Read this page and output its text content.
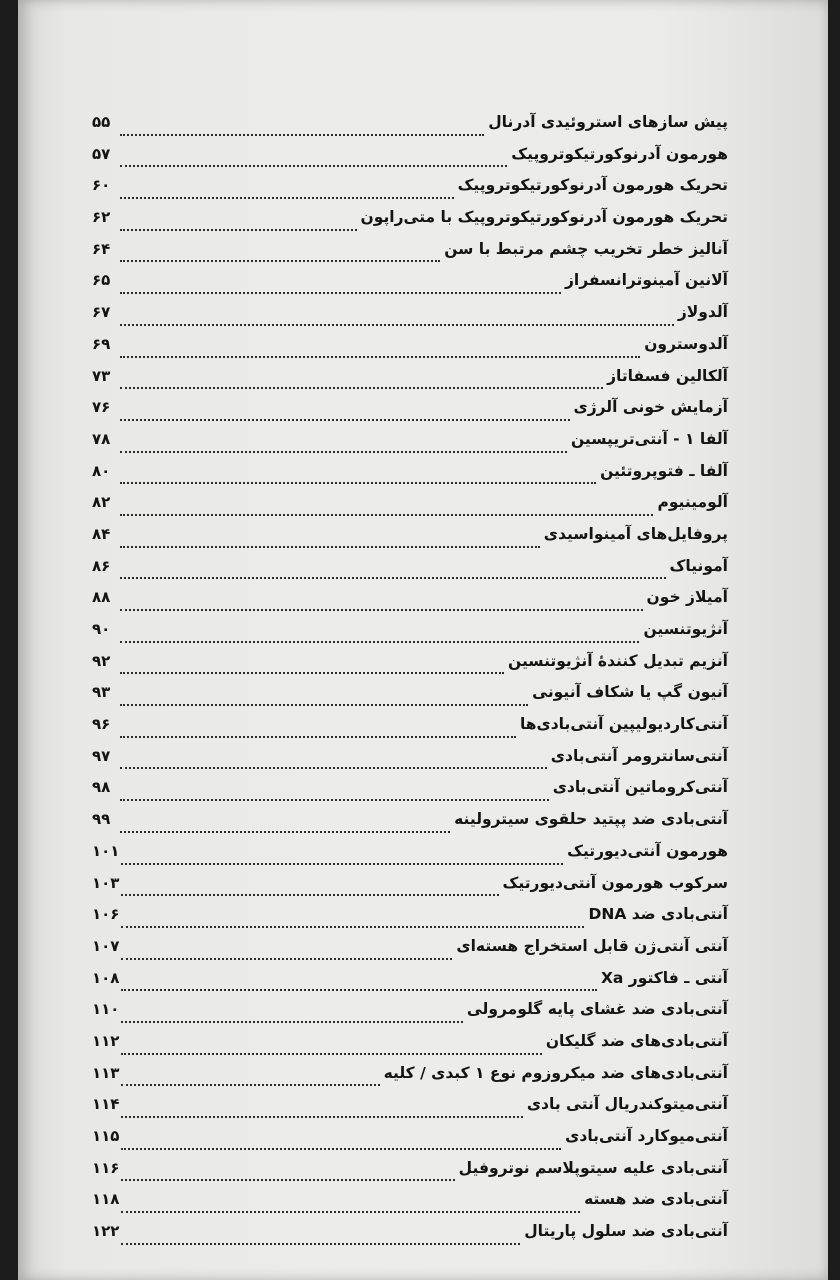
۵۵	پیش سازهای استروئیدی آدرنال
۵۷	هورمون آدرنوکورتیکوتروپیک
۶۰	تحریک هورمون آدرنوکورتیکوتروپیک
۶۲	تحریک هورمون آدرنوکورتیکوتروپیک با متی‌راپون
۶۴	آنالیز خطر تخریب چشم مرتبط با سن
۶۵	آلانین آمینوترانسفراز
۶۷	آلدولاز
۶۹	آلدوسترون
۷۳	آلکالین فسفاتاز
۷۶	آزمایش خونی آلرژی
۷۸	آلفا ۱ - آنتی‌تریپسین
۸۰	آلفا ـ فتوپروتئین
۸۲	آلومینیوم
۸۴	پروفایل‌های آمینواسیدی
۸۶	آمونیاک
۸۸	آمیلاز خون
۹۰	آنژیوتنسین
۹۲	آنزیم تبدیل کنندهٔ آنژیوتنسین
۹۳	آنیون گپ یا شکاف آنیونی
۹۶	آنتی‌کاردیولیپین آنتی‌بادی‌ها
۹۷	آنتی‌سانترومر آنتی‌بادی
۹۸	آنتی‌کروماتین آنتی‌بادی
۹۹	آنتی‌بادی ضد پپتید حلقوی سیترولینه
۱۰۱	هورمون آنتی‌دیورتیک
۱۰۳	سرکوب هورمون آنتی‌دیورتیک
۱۰۶	آنتی‌بادی ضد DNA
۱۰۷	آنتی آنتی‌ژن قابل استخراج هسته‌ای
۱۰۸	آنتی ـ فاکتور Xa
۱۱۰	آنتی‌بادی ضد غشای پایه گلومرولی
۱۱۲	آنتی‌بادی‌های ضد گلیکان
۱۱۳	آنتی‌بادی‌های ضد میکروزوم نوع ۱ کبدی / کلیه
۱۱۴	آنتی‌میتوکندریال آنتی بادی
۱۱۵	آنتی‌میوکارد آنتی‌بادی
۱۱۶	آنتی‌بادی علیه سیتوپلاسم نوتروفیل
۱۱۸	آنتی‌بادی ضد هسته
۱۲۲	آنتی‌بادی ضد سلول پاریتال
